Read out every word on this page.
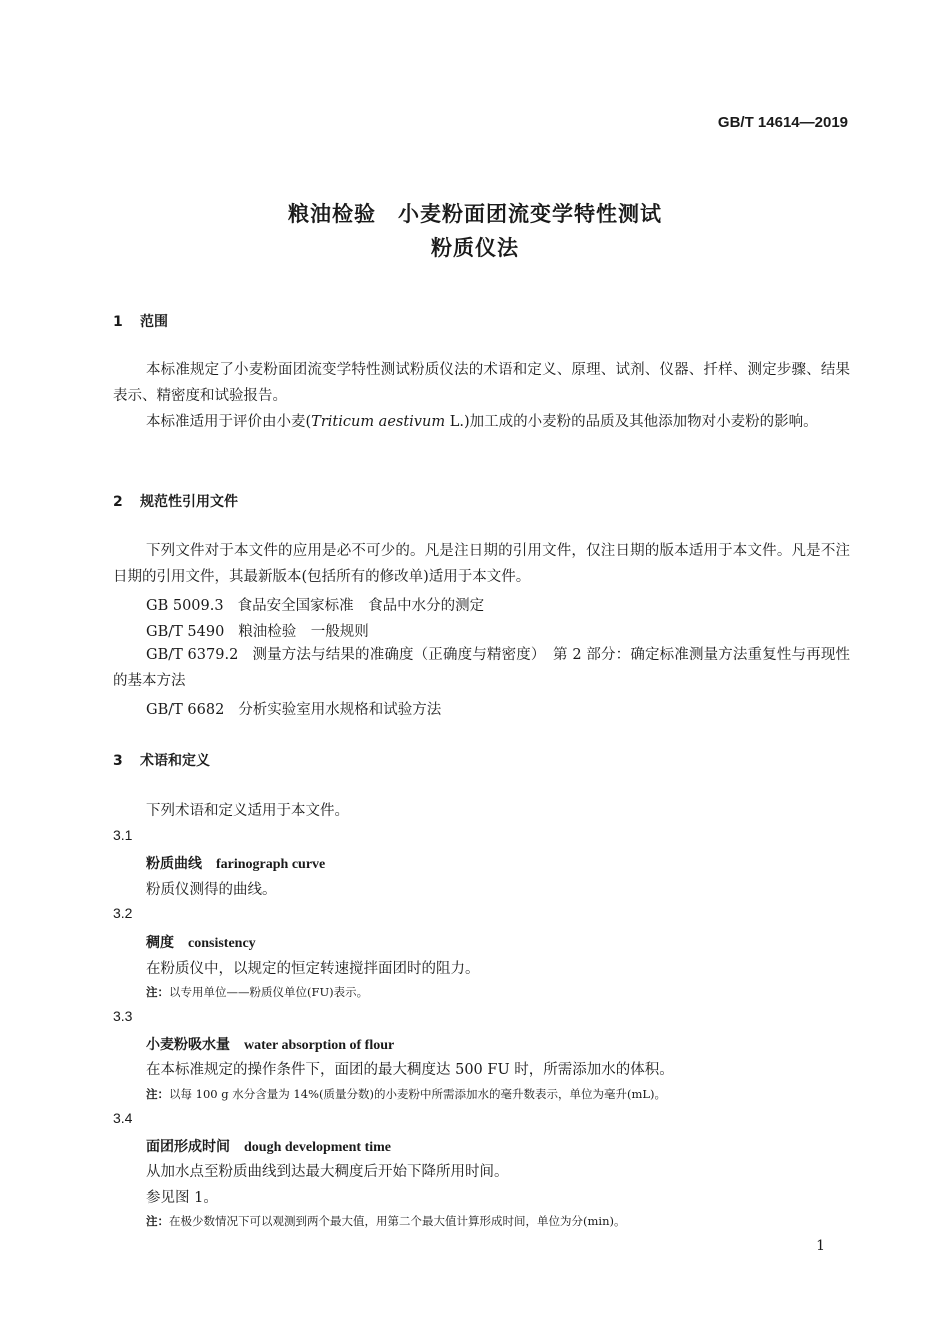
GB/T 14614—2019
粮油检验　小麦粉面团流变学特性测试
粉质仪法
1 范围
本标准规定了小麦粉面团流变学特性测试粉质仪法的术语和定义、原理、试剂、仪器、扦样、测定步骤、结果表示、精密度和试验报告。
本标准适用于评价由小麦(Triticum aestivum L.)加工成的小麦粉的品质及其他添加物对小麦粉的影响。
2 规范性引用文件
下列文件对于本文件的应用是必不可少的。凡是注日期的引用文件，仅注日期的版本适用于本文件。凡是不注日期的引用文件，其最新版本(包括所有的修改单)适用于本文件。
GB 5009.3 食品安全国家标准　食品中水分的测定
GB/T 5490 粮油检验　一般规则
GB/T 6379.2 测量方法与结果的准确度（正确度与精密度）　第 2 部分：确定标准测量方法重复性与再现性的基本方法
GB/T 6682 分析实验室用水规格和试验方法
3 术语和定义
下列术语和定义适用于本文件。
3.1
粉质曲线 farinograph curve
粉质仪测得的曲线。
3.2
稠度 consistency
在粉质仪中，以规定的恒定转速搅拌面团时的阻力。
注：以专用单位——粉质仪单位(FU)表示。
3.3
小麦粉吸水量 water absorption of flour
在本标准规定的操作条件下，面团的最大稠度达 500 FU 时，所需添加水的体积。
注：以每 100 g 水分含量为 14%(质量分数)的小麦粉中所需添加水的毫升数表示，单位为毫升(mL)。
3.4
面团形成时间 dough development time
从加水点至粉质曲线到达最大稠度后开始下降所用时间。
参见图 1。
注：在极少数情况下可以观测到两个最大值，用第二个最大值计算形成时间，单位为分(min)。
1
